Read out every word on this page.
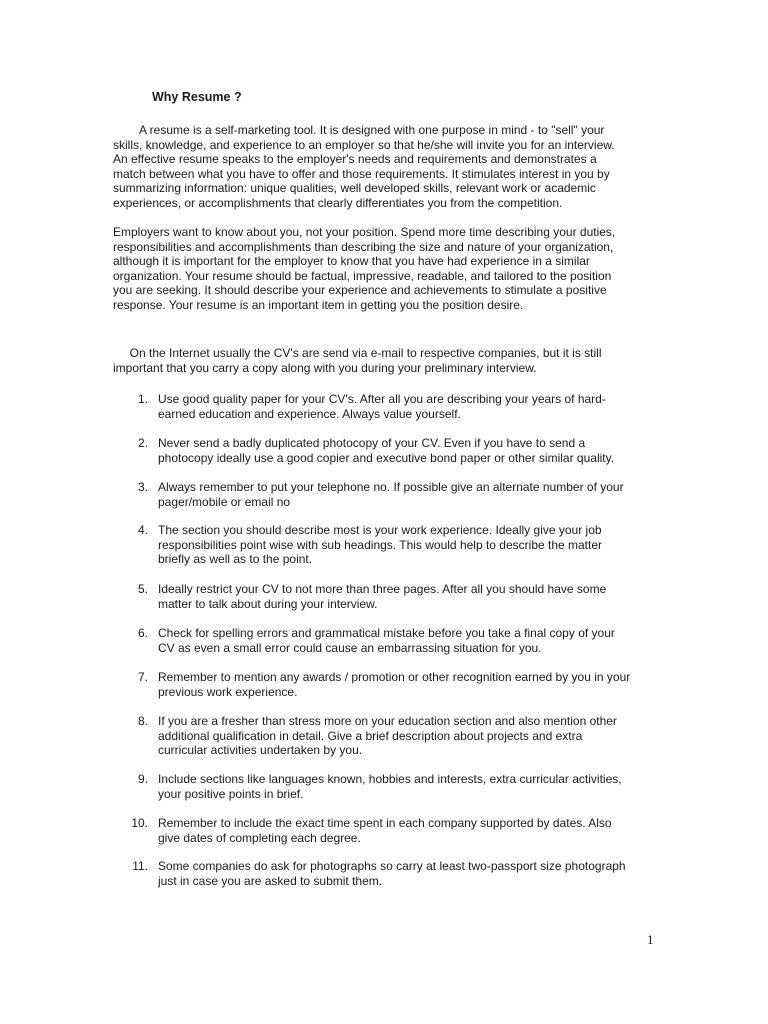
Why Resume ?
A resume is a self-marketing tool. It is designed with one purpose in mind - to "sell" your
skills, knowledge, and experience to an employer so that he/she will invite you for an interview.
An effective resume speaks to the employer's needs and requirements and demonstrates a
match between what you have to offer and those requirements. It stimulates interest in you by
summarizing information: unique qualities, well developed skills, relevant work or academic
experiences, or accomplishments that clearly differentiates you from the competition.
Employers want to know about you, not your position. Spend more time describing your duties,
responsibilities and accomplishments than describing the size and nature of your organization,
although it is important for the employer to know that you have had experience in a similar
organization. Your resume should be factual, impressive, readable, and tailored to the position
you are seeking. It should describe your experience and achievements to stimulate a positive
response. Your resume is an important item in getting you the position desire.
On the Internet usually the CV's are send via e-mail to respective companies, but it is still
important that you carry a copy along with you during your preliminary interview.
1. Use good quality paper for your CV's. After all you are describing your years of hard-
earned education and experience. Always value yourself.
2. Never send a badly duplicated photocopy of your CV. Even if you have to send a
photocopy ideally use a good copier and executive bond paper or other similar quality.
3. Always remember to put your telephone no. If possible give an alternate number of your
pager/mobile or email no
4. The section you should describe most is your work experience. Ideally give your job
responsibilities point wise with sub headings. This would help to describe the matter
briefly as well as to the point.
5. Ideally restrict your CV to not more than three pages. After all you should have some
matter to talk about during your interview.
6. Check for spelling errors and grammatical mistake before you take a final copy of your
CV as even a small error could cause an embarrassing situation for you.
7. Remember to mention any awards / promotion or other recognition earned by you in your
previous work experience.
8. If you are a fresher than stress more on your education section and also mention other
additional qualification in detail. Give a brief description about projects and extra
curricular activities undertaken by you.
9. Include sections like languages known, hobbies and interests, extra curricular activities,
your positive points in brief.
10. Remember to include the exact time spent in each company supported by dates. Also
give dates of completing each degree.
11. Some companies do ask for photographs so carry at least two-passport size photograph
just in case you are asked to submit them.
1
